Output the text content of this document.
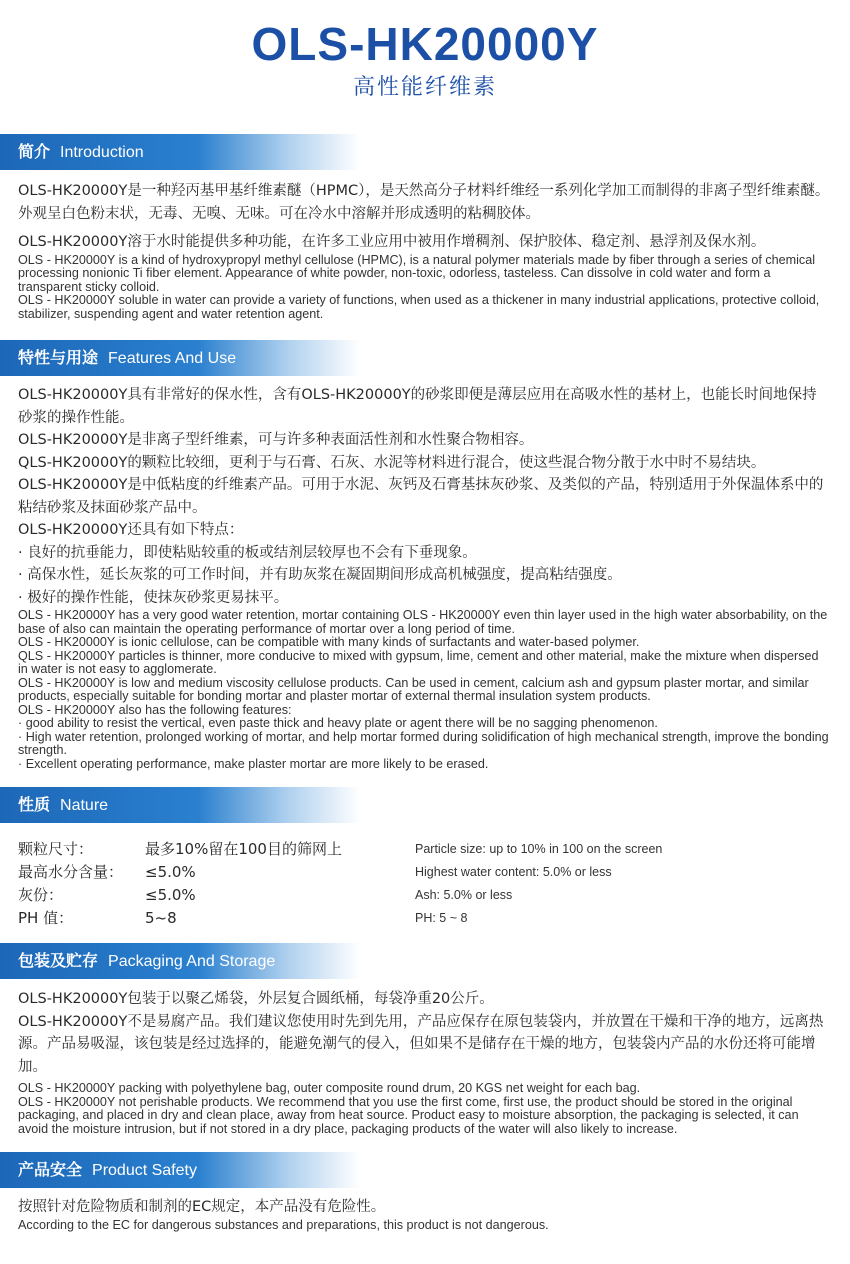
OLS-HK20000Y
高性能纤维素
简介 Introduction

OLS-HK20000Y是一种羟丙基甲基纤维素醚（HPMC），是天然高分子材料纤维经一系列化学加工而制得的非离子型纤维素醚。外观呈白色粉末状，无毒、无嗅、无味。可在冷水中溶解并形成透明的粘稠胶体。

OLS-HK20000Y溶于水时能提供多种功能，在许多工业应用中被用作增稠剂、保护胶体、稳定剂、悬浮剂及保水剂。

OLS - HK20000Y is a kind of hydroxypropyl methyl cellulose (HPMC), is a natural polymer materials made by fiber through a series of chemical processing nonionic Ti fiber element. Appearance of white powder, non-toxic, odorless, tasteless. Can dissolve in cold water and form a transparent sticky colloid.

OLS - HK20000Y soluble in water can provide a variety of functions, when used as a thickener in many industrial applications, protective colloid, stabilizer, suspending agent and water retention agent.

特性与用途 Features And Use

OLS-HK20000Y具有非常好的保水性，含有OLS-HK20000Y的砂浆即便是薄层应用在高吸水性的基材上，也能长时间地保持砂浆的操作性能。

OLS-HK20000Y是非离子型纤维素，可与许多种表面活性剂和水性聚合物相容。

QLS-HK20000Y的颗粒比较细，更利于与石膏、石灰、水泥等材料进行混合，使这些混合物分散于水中时不易结块。

OLS-HK20000Y是中低粘度的纤维素产品。可用于水泥、灰钙及石膏基抹灰砂浆、及类似的产品，特别适用于外保温体系中的粘结砂浆及抹面砂浆产品中。

OLS-HK20000Y还具有如下特点：

· 良好的抗垂能力，即使粘贴较重的板或结剂层较厚也不会有下垂现象。

· 高保水性，延长灰浆的可工作时间，并有助灰浆在凝固期间形成高机械强度，提高粘结强度。

· 极好的操作性能，使抹灰砂浆更易抹平。

OLS - HK20000Y has a very good water retention, mortar containing OLS - HK20000Y even thin layer used in the high water absorbability, on the base of also can maintain the operating performance of mortar over a long period of time.

OLS - HK20000Y is ionic cellulose, can be compatible with many kinds of surfactants and water-based polymer.

QLS - HK20000Y particles is thinner, more conducive to mixed with gypsum, lime, cement and other material, make the mixture when dispersed in water is not easy to agglomerate.

OLS - HK20000Y is low and medium viscosity cellulose products. Can be used in cement, calcium ash and gypsum plaster mortar, and similar products, especially suitable for bonding mortar and plaster mortar of external thermal insulation system products.

OLS - HK20000Y also has the following features:

· good ability to resist the vertical, even paste thick and heavy plate or agent there will be no sagging phenomenon.

· High water retention, prolonged working of mortar, and help mortar formed during solidification of high mechanical strength, improve the bonding strength.

· Excellent operating performance, make plaster mortar are more likely to be erased.

性质 Nature
颗粒尺寸：	最多10%留在100目的筛网上	Particle size: up to 10% in 100 on the screen
最高水分含量：	≤5.0%	Highest water content: 5.0% or less
灰份：	≤5.0%	Ash: 5.0% or less
PH 值：	5~8	PH: 5 ~ 8
包装及贮存 Packaging And Storage

OLS-HK20000Y包装于以聚乙烯袋，外层复合圆纸桶，每袋净重20公斤。

OLS-HK20000Y不是易腐产品。我们建议您使用时先到先用，产品应保存在原包装袋内，并放置在干燥和干净的地方，远离热源。产品易吸湿，该包装是经过选择的，能避免潮气的侵入，但如果不是储存在干燥的地方，包装袋内产品的水份还将可能增加。

OLS - HK20000Y packing with polyethylene bag, outer composite round drum, 20 KGS net weight for each bag.

OLS - HK20000Y not perishable products. We recommend that you use the first come, first use, the product should be stored in the original packaging, and placed in dry and clean place, away from heat source. Product easy to moisture absorption, the packaging is selected, it can avoid the moisture intrusion, but if not stored in a dry place, packaging products of the water will also likely to increase.

产品安全 Product Safety

按照针对危险物质和制剂的EC规定，本产品没有危险性。

According to the EC for dangerous substances and preparations, this product is not dangerous.
